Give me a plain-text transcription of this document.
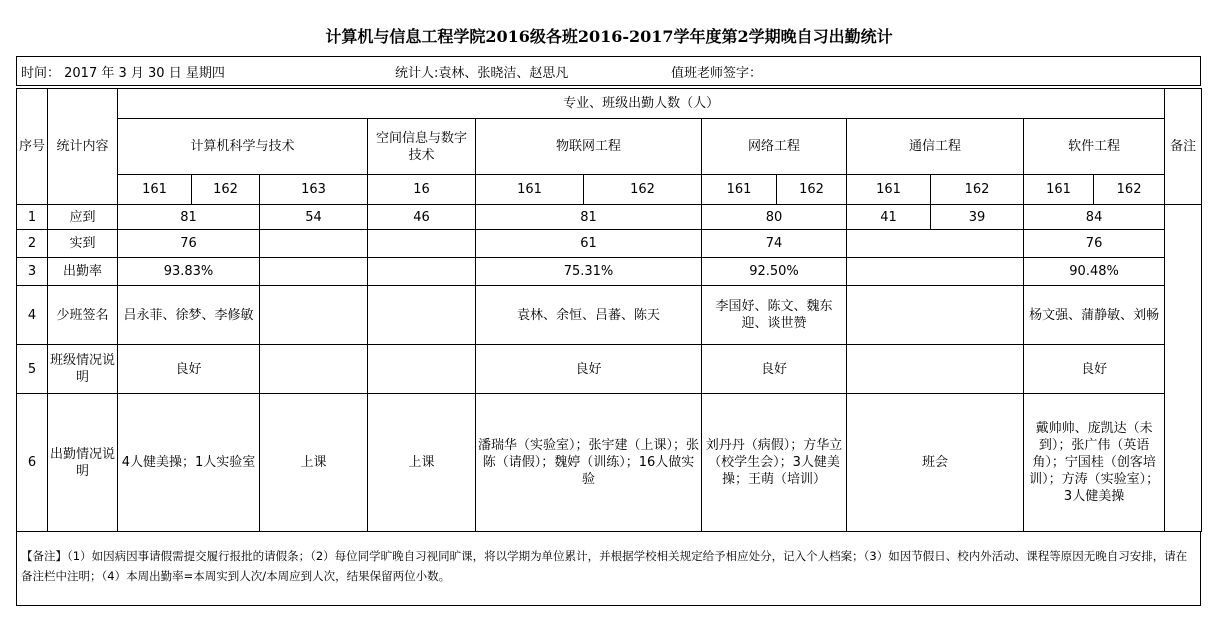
计算机与信息工程学院2016级各班2016-2017学年度第2学期晚自习出勤统计
时间： 2017 年 3 月 30 日 星期四	统计人:袁林、张晓洁、赵思凡	值班老师签字：
序号	统计内容	专业、班级出勤人数（人）												备注
		计算机科学与技术			空间信息与数字技术	物联网工程		网络工程		通信工程		软件工程		
		161	162	163	16	161	162	161	162	161	162	161	162	
1	应到	81		54	46	81		80		41	39	84		
2	实到	76				61		74				76		
3	出勤率	93.83%				75.31%		92.50%				90.48%		
4	少班签名	吕永菲、徐梦、李修敏				袁林、余恒、吕蕃、陈天		李国妤、陈文、魏东迎、谈世赞				杨文强、蒲静敏、刘畅		
5	班级情况说明	良好				良好		良好				良好		
6	出勤情况说明	4人健美操；1人实验室		上课	上课	潘瑞华（实验室）；张宇建（上课）；张陈（请假）；魏婷（训练）；16人做实验		刘丹丹（病假）；方华立（校学生会）；3人健美操；王萌（培训）		班会		戴帅帅、庞凯达（未到）；张广伟（英语角）；宁国桂（创客培训）；方涛（实验室）；3人健美操		
【备注】（1）如因病因事请假需提交履行报批的请假条；（2）每位同学旷晚自习视同旷课，将以学期为单位累计，并根据学校相关规定给予相应处分，记入个人档案；（3）如因节假日、校内外活动、课程等原因无晚自习安排，请在备注栏中注明；（4）本周出勤率=本周实到人次/本周应到人次，结果保留两位小数。
